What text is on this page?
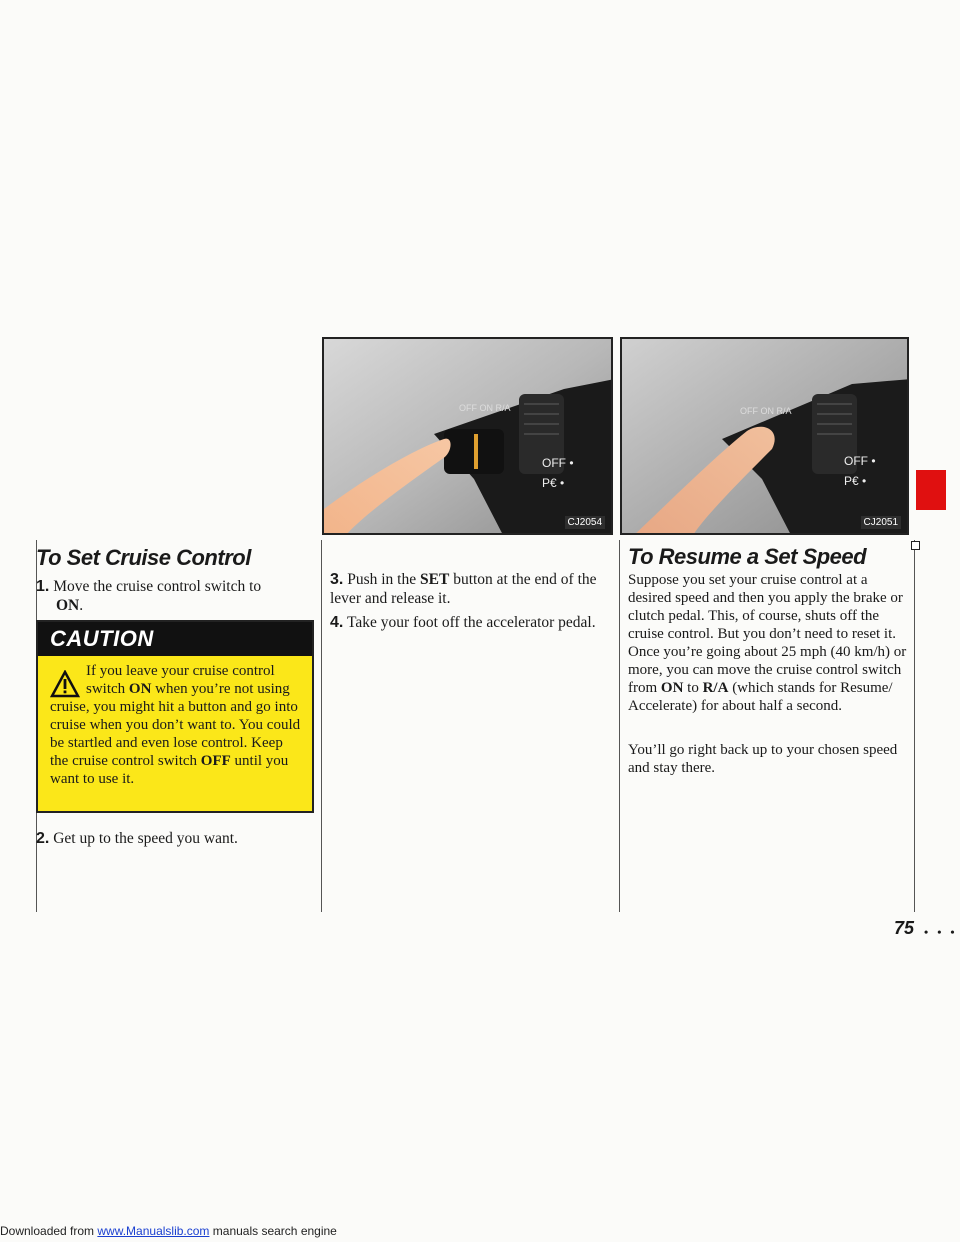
To Set Cruise Control
1. Move the cruise control switch to
ON.
CAUTION
If you leave your cruise control switch ON when you’re not using cruise, you might hit a button and go into cruise when you don’t want to. You could be startled and even lose control. Keep the cruise control switch OFF until you want to use it.
2. Get up to the speed you want.
OFF ON R/A
OFF •
P€ •
CJ2054
OFF ON R/A
OFF •
P€ •
CJ2051
3. Push in the SET button at the end of the lever and release it.
4. Take your foot off the accelerator pedal.
To Resume a Set Speed
Suppose you set your cruise control at a desired speed and then you apply the brake or clutch pedal. This, of course, shuts off the cruise control. But you don’t need to reset it. Once you’re going about 25 mph (40 km/h) or more, you can move the cruise control switch from ON to R/A (which stands for Resume/ Accelerate) for about half a second.
You’ll go right back up to your chosen speed and stay there.
75 • • •
Downloaded from www.Manualslib.com manuals search engine
